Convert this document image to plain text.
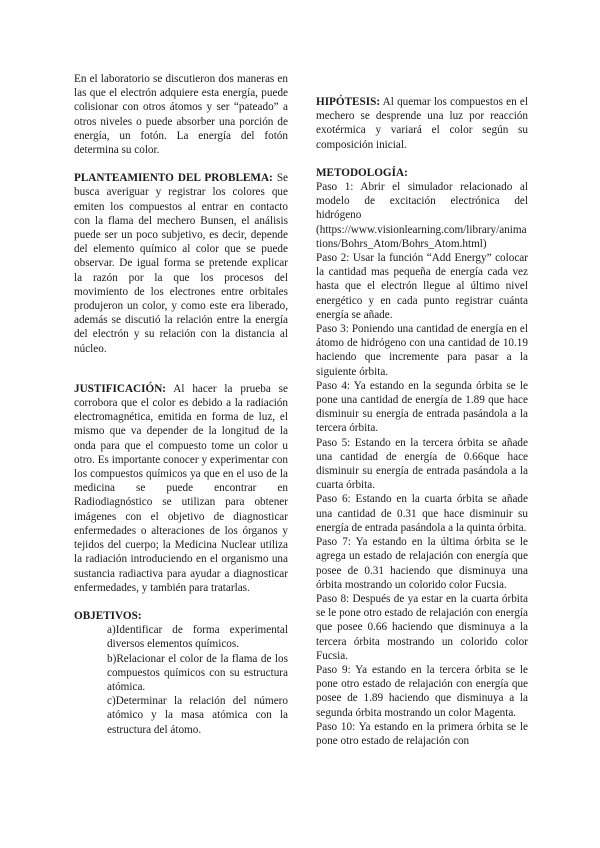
En el laboratorio se discutieron dos maneras en las que el electrón adquiere esta energía, puede colisionar con otros átomos y ser “pateado” a otros niveles o puede absorber una porción de energía, un fotón. La energía del fotón determina su color.

PLANTEAMIENTO DEL PROBLEMA: Se busca averiguar y registrar los colores que emiten los compuestos al entrar en contacto con la flama del mechero Bunsen, el análisis puede ser un poco subjetivo, es decir, depende del elemento químico al color que se puede observar. De igual forma se pretende explicar la razón por la que los procesos del movimiento de los electrones entre orbitales produjeron un color, y como este era liberado, además se discutió la relación entre la energía del electrón y su relación con la distancia al núcleo.

JUSTIFICACIÓN: Al hacer la prueba se corrobora que el color es debido a la radiación electromagnética, emitida en forma de luz, el mismo que va depender de la longitud de la onda para que el compuesto tome un color u otro. Es importante conocer y experimentar con los compuestos químicos ya que en el uso de la medicina se puede encontrar en Radiodiagnóstico se utilizan para obtener imágenes con el objetivo de diagnosticar enfermedades o alteraciones de los órganos y tejidos del cuerpo; la Medicina Nuclear utiliza la radiación introduciendo en el organismo una sustancia radiactiva para ayudar a diagnosticar enfermedades, y también para tratarlas.

OBJETIVOS:

a)Identificar de forma experimental diversos elementos químicos.

b)Relacionar el color de la flama de los compuestos químicos con su estructura atómica.

c)Determinar la relación del número atómico y la masa atómica con la estructura del átomo.

HIPÓTESIS: Al quemar los compuestos en el mechero se desprende una luz por reacción exotérmica y variará el color según su composición inicial.

METODOLOGÍA:

Paso 1: Abrir el simulador relacionado al modelo de excitación electrónica del hidrógeno

(https://www.visionlearning.com/library/animations/Bohrs_Atom/Bohrs_Atom.html)

Paso 2: Usar la función “Add Energy” colocar la cantidad mas pequeña de energía cada vez hasta que el electrón llegue al último nivel energético y en cada punto registrar cuánta energía se añade.

Paso 3: Poniendo una cantidad de energía en el átomo de hidrógeno con una cantidad de 10.19 haciendo que incremente para pasar a la siguiente órbita.

Paso 4: Ya estando en la segunda órbita se le pone una cantidad de energía de 1.89 que hace disminuir su energía de entrada pasándola a la tercera órbita.

Paso 5: Estando en la tercera órbita se añade una cantidad de energía de 0.66que hace disminuir su energía de entrada pasándola a la cuarta órbita.

Paso 6: Estando en la cuarta órbita se añade una cantidad de 0.31 que hace disminuir su energía de entrada pasándola a la quinta órbita.

Paso 7: Ya estando en la última órbita se le agrega un estado de relajación con energía que posee de 0.31 haciendo que disminuya una órbita mostrando un colorido color Fucsia.

Paso 8: Después de ya estar en la cuarta órbita se le pone otro estado de relajación con energía que posee 0.66 haciendo que disminuya a la tercera órbita mostrando un colorido color Fucsia.

Paso 9: Ya estando en la tercera órbita se le pone otro estado de relajación con energía que posee de 1.89 haciendo que disminuya a la segunda órbita mostrando un color Magenta.

Paso 10: Ya estando en la primera órbita se le pone otro estado de relajación con
